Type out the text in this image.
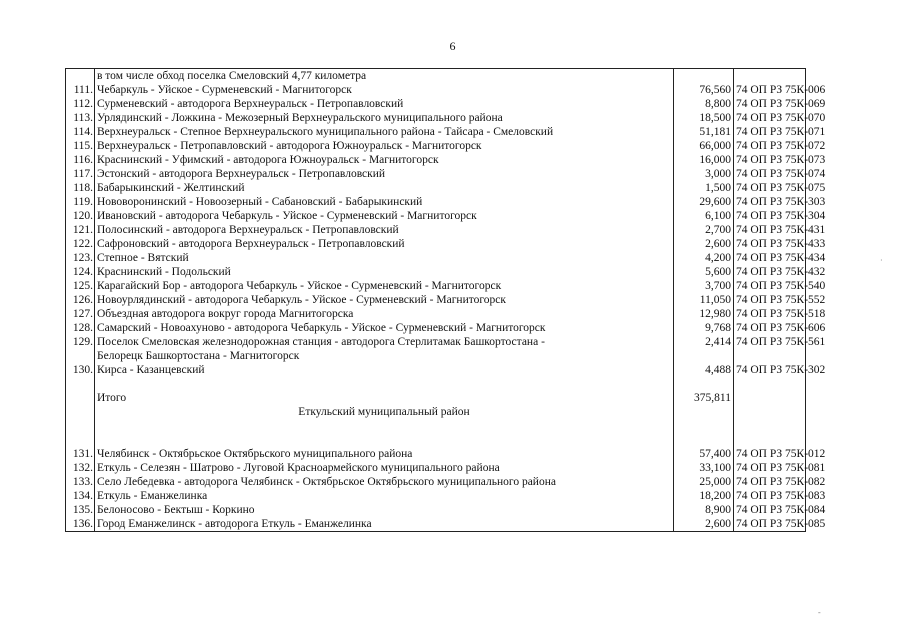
6
	в том числе обход поселка Смеловский 4,77 километра		
111.	Чебаркуль - Уйское - Сурменевский - Магнитогорск	76,560	74 ОП РЗ 75К-006
112.	Сурменевский - автодорога Верхнеуральск - Петропавловский	8,800	74 ОП РЗ 75К-069
113.	Урлядинский - Ложкина - Межозерный Верхнеуральского муниципального района	18,500	74 ОП РЗ 75К-070
114.	Верхнеуральск - Степное Верхнеуральского муниципального района - Тайсара - Смеловский	51,181	74 ОП РЗ 75К-071
115.	Верхнеуральск - Петропавловский - автодорога Южноуральск - Магнитогорск	66,000	74 ОП РЗ 75К-072
116.	Краснинский - Уфимский - автодорога Южноуральск - Магнитогорск	16,000	74 ОП РЗ 75К-073
117.	Эстонский - автодорога Верхнеуральск - Петропавловский	3,000	74 ОП РЗ 75К-074
118.	Бабарыкинский - Желтинский	1,500	74 ОП РЗ 75К-075
119.	Нововоронинский - Новоозерный - Сабановский - Бабарыкинский	29,600	74 ОП РЗ 75К-303
120.	Ивановский - автодорога Чебаркуль - Уйское - Сурменевский - Магнитогорск	6,100	74 ОП РЗ 75К-304
121.	Полосинский - автодорога Верхнеуральск - Петропавловский	2,700	74 ОП РЗ 75К-431
122.	Сафроновский - автодорога Верхнеуральск - Петропавловский	2,600	74 ОП РЗ 75К-433
123.	Степное - Вятский	4,200	74 ОП РЗ 75К-434
124.	Краснинский - Подольский	5,600	74 ОП РЗ 75К-432
125.	Карагайский Бор - автодорога Чебаркуль - Уйское - Сурменевский - Магнитогорск	3,700	74 ОП РЗ 75К-540
126.	Новоурлядинский - автодорога Чебаркуль - Уйское - Сурменевский - Магнитогорск	11,050	74 ОП РЗ 75К-552
127.	Объездная автодорога вокруг города Магнитогорска	12,980	74 ОП РЗ 75К-518
128.	Самарский - Новоахуново - автодорога Чебаркуль - Уйское - Сурменевский - Магнитогорск	9,768	74 ОП РЗ 75К-606
129.	Поселок Смеловская железнодорожная станция - автодорога Стерлитамак Башкортостана -	2,414	74 ОП РЗ 75К-561
	Белорецк Башкортостана - Магнитогорск		
130.	Кирса - Казанцевский	4,488	74 ОП РЗ 75К-302

	Итого	375,811	
	Еткульский муниципальный район		

131.	Челябинск - Октябрьское Октябрьского муниципального района	57,400	74 ОП РЗ 75К-012
132.	Еткуль - Селезян - Шатрово - Луговой Красноармейского муниципального района	33,100	74 ОП РЗ 75К-081
133.	Село Лебедевка - автодорога Челябинск - Октябрьское Октябрьского муниципального района	25,000	74 ОП РЗ 75К-082
134.	Еткуль - Еманжелинка	18,200	74 ОП РЗ 75К-083
135.	Белоносово - Бектыш - Коркино	8,900	74 ОП РЗ 75К-084
136.	Город Еманжелинск - автодорога Еткуль - Еманжелинка	2,600	74 ОП РЗ 75К-085
·
-
